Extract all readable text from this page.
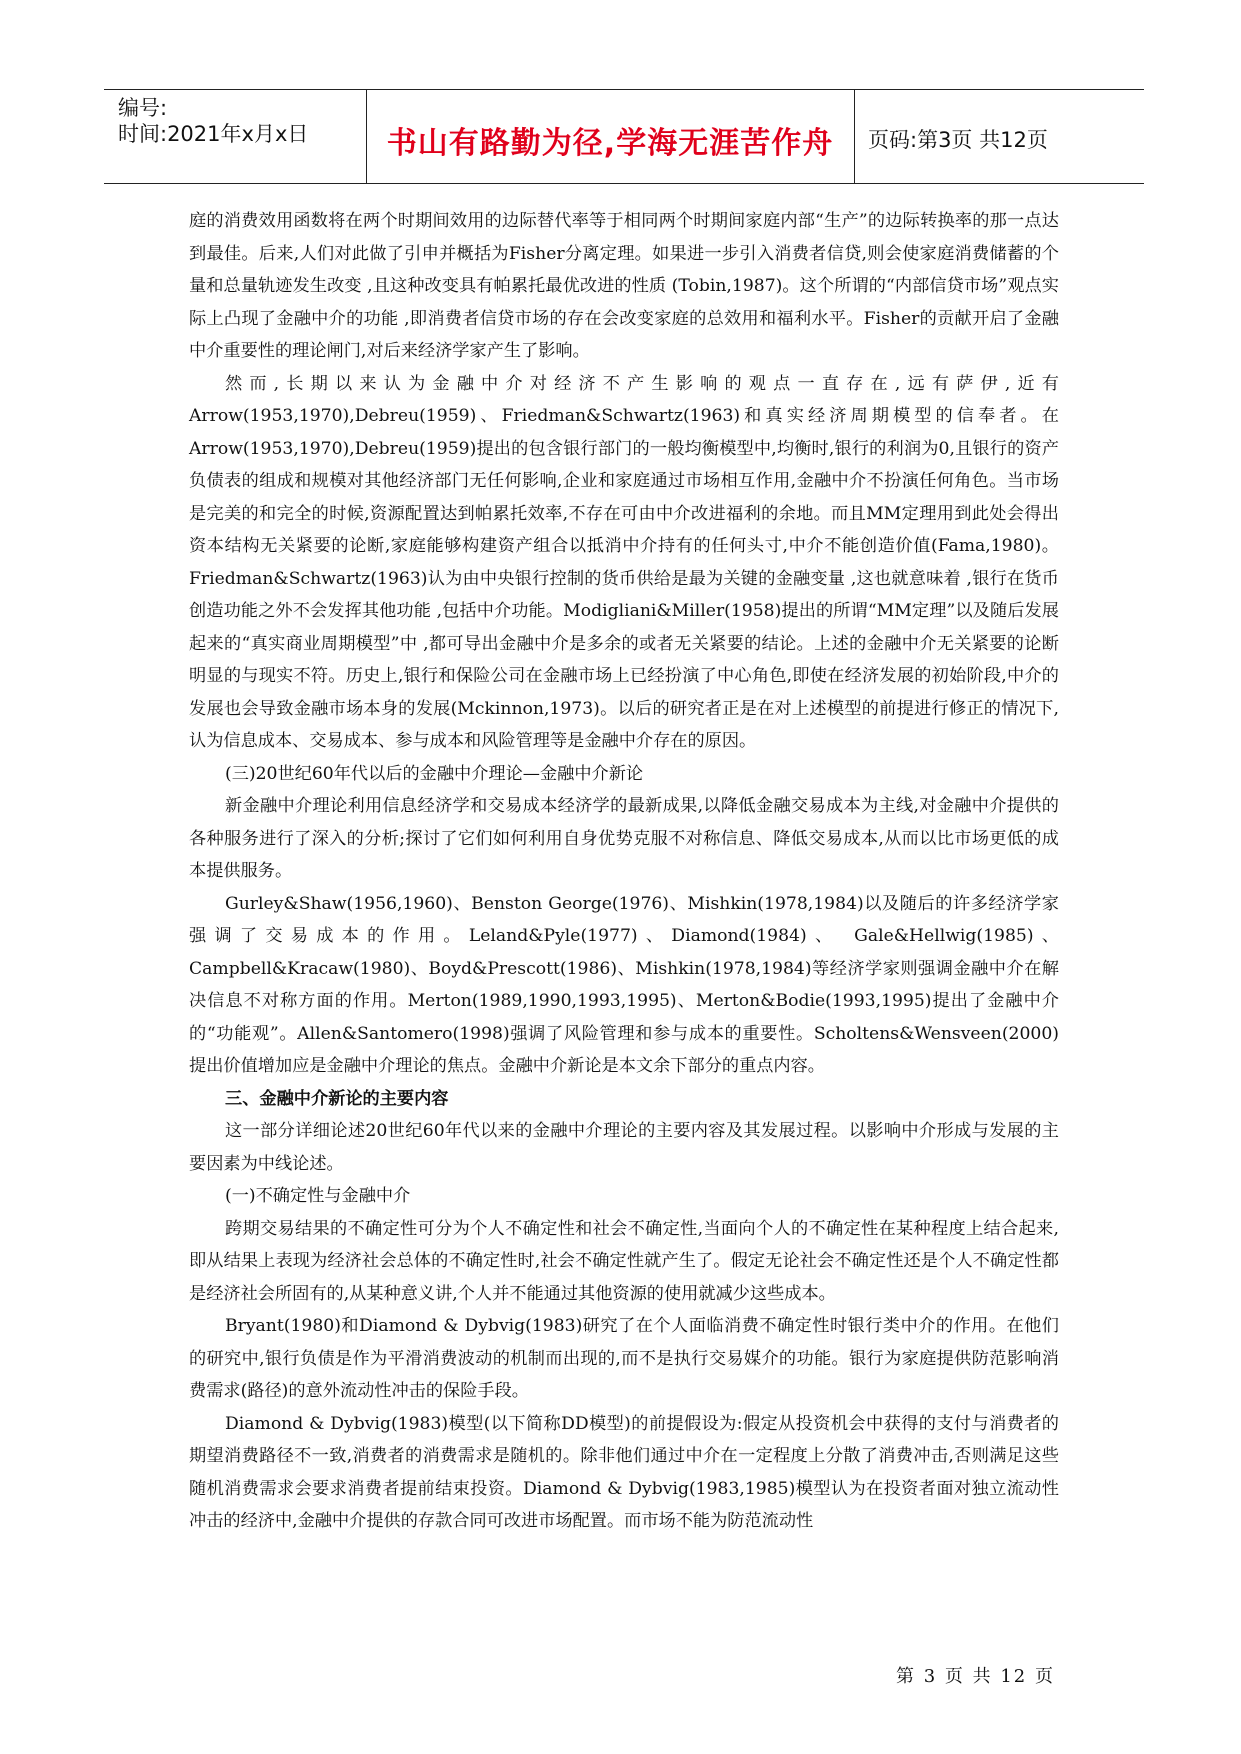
编号:
时间:2021年x月x日	书山有路勤为径,学海无涯苦作舟	页码:第3页 共12页

庭的消费效用函数将在两个时期间效用的边际替代率等于相同两个时期间家庭内部“生产”的边际转换率的那一点达到最佳。后来,人们对此做了引申并概括为Fisher分离定理。如果进一步引入消费者信贷,则会使家庭消费储蓄的个量和总量轨迹发生改变 ,且这种改变具有帕累托最优改进的性质 (Tobin,1987)。这个所谓的“内部信贷市场”观点实际上凸现了金融中介的功能 ,即消费者信贷市场的存在会改变家庭的总效用和福利水平。Fisher的贡献开启了金融中介重要性的理论闸门,对后来经济学家产生了影响。

然而,长期以来认为金融中介对经济不产生影响的观点一直存在,远有萨伊,近有 Arrow(1953,1970),Debreu(1959)、Friedman&Schwartz(1963)和真实经济周期模型的信奉者。在Arrow(1953,1970),Debreu(1959)提出的包含银行部门的一般均衡模型中,均衡时,银行的利润为0,且银行的资产负债表的组成和规模对其他经济部门无任何影响,企业和家庭通过市场相互作用,金融中介不扮演任何角色。当市场是完美的和完全的时候,资源配置达到帕累托效率,不存在可由中介改进福利的余地。而且MM定理用到此处会得出资本结构无关紧要的论断,家庭能够构建资产组合以抵消中介持有的任何头寸,中介不能创造价值(Fama,1980)。Friedman&Schwartz(1963)认为由中央银行控制的货币供给是最为关键的金融变量 ,这也就意味着 ,银行在货币创造功能之外不会发挥其他功能 ,包括中介功能。Modigliani&Miller(1958)提出的所谓“MM定理”以及随后发展起来的“真实商业周期模型”中 ,都可导出金融中介是多余的或者无关紧要的结论。上述的金融中介无关紧要的论断明显的与现实不符。历史上,银行和保险公司在金融市场上已经扮演了中心角色,即使在经济发展的初始阶段,中介的发展也会导致金融市场本身的发展(Mckinnon,1973)。以后的研究者正是在对上述模型的前提进行修正的情况下,认为信息成本、交易成本、参与成本和风险管理等是金融中介存在的原因。

(三)20世纪60年代以后的金融中介理论—金融中介新论

新金融中介理论利用信息经济学和交易成本经济学的最新成果,以降低金融交易成本为主线,对金融中介提供的各种服务进行了深入的分析;探讨了它们如何利用自身优势克服不对称信息、降低交易成本,从而以比市场更低的成本提供服务。

Gurley&Shaw(1956,1960)、Benston George(1976)、Mishkin(1978,1984)以及随后的许多经济学家强调了交易成本的作用。Leland&Pyle(1977)、Diamond(1984)、 Gale&Hellwig(1985)、Campbell&Kracaw(1980)、Boyd&Prescott(1986)、Mishkin(1978,1984)等经济学家则强调金融中介在解决信息不对称方面的作用。Merton(1989,1990,1993,1995)、Merton&Bodie(1993,1995)提出了金融中介的“功能观”。Allen&Santomero(1998)强调了风险管理和参与成本的重要性。Scholtens&Wensveen(2000)提出价值增加应是金融中介理论的焦点。金融中介新论是本文余下部分的重点内容。

三、金融中介新论的主要内容

这一部分详细论述20世纪60年代以来的金融中介理论的主要内容及其发展过程。以影响中介形成与发展的主要因素为中线论述。

(一)不确定性与金融中介

跨期交易结果的不确定性可分为个人不确定性和社会不确定性,当面向个人的不确定性在某种程度上结合起来,即从结果上表现为经济社会总体的不确定性时,社会不确定性就产生了。假定无论社会不确定性还是个人不确定性都是经济社会所固有的,从某种意义讲,个人并不能通过其他资源的使用就减少这些成本。

Bryant(1980)和Diamond & Dybvig(1983)研究了在个人面临消费不确定性时银行类中介的作用。在他们的研究中,银行负债是作为平滑消费波动的机制而出现的,而不是执行交易媒介的功能。银行为家庭提供防范影响消费需求(路径)的意外流动性冲击的保险手段。

Diamond & Dybvig(1983)模型(以下简称DD模型)的前提假设为:假定从投资机会中获得的支付与消费者的期望消费路径不一致,消费者的消费需求是随机的。除非他们通过中介在一定程度上分散了消费冲击,否则满足这些随机消费需求会要求消费者提前结束投资。Diamond & Dybvig(1983,1985)模型认为在投资者面对独立流动性冲击的经济中,金融中介提供的存款合同可改进市场配置。而市场不能为防范流动性

第 3 页 共 12 页
